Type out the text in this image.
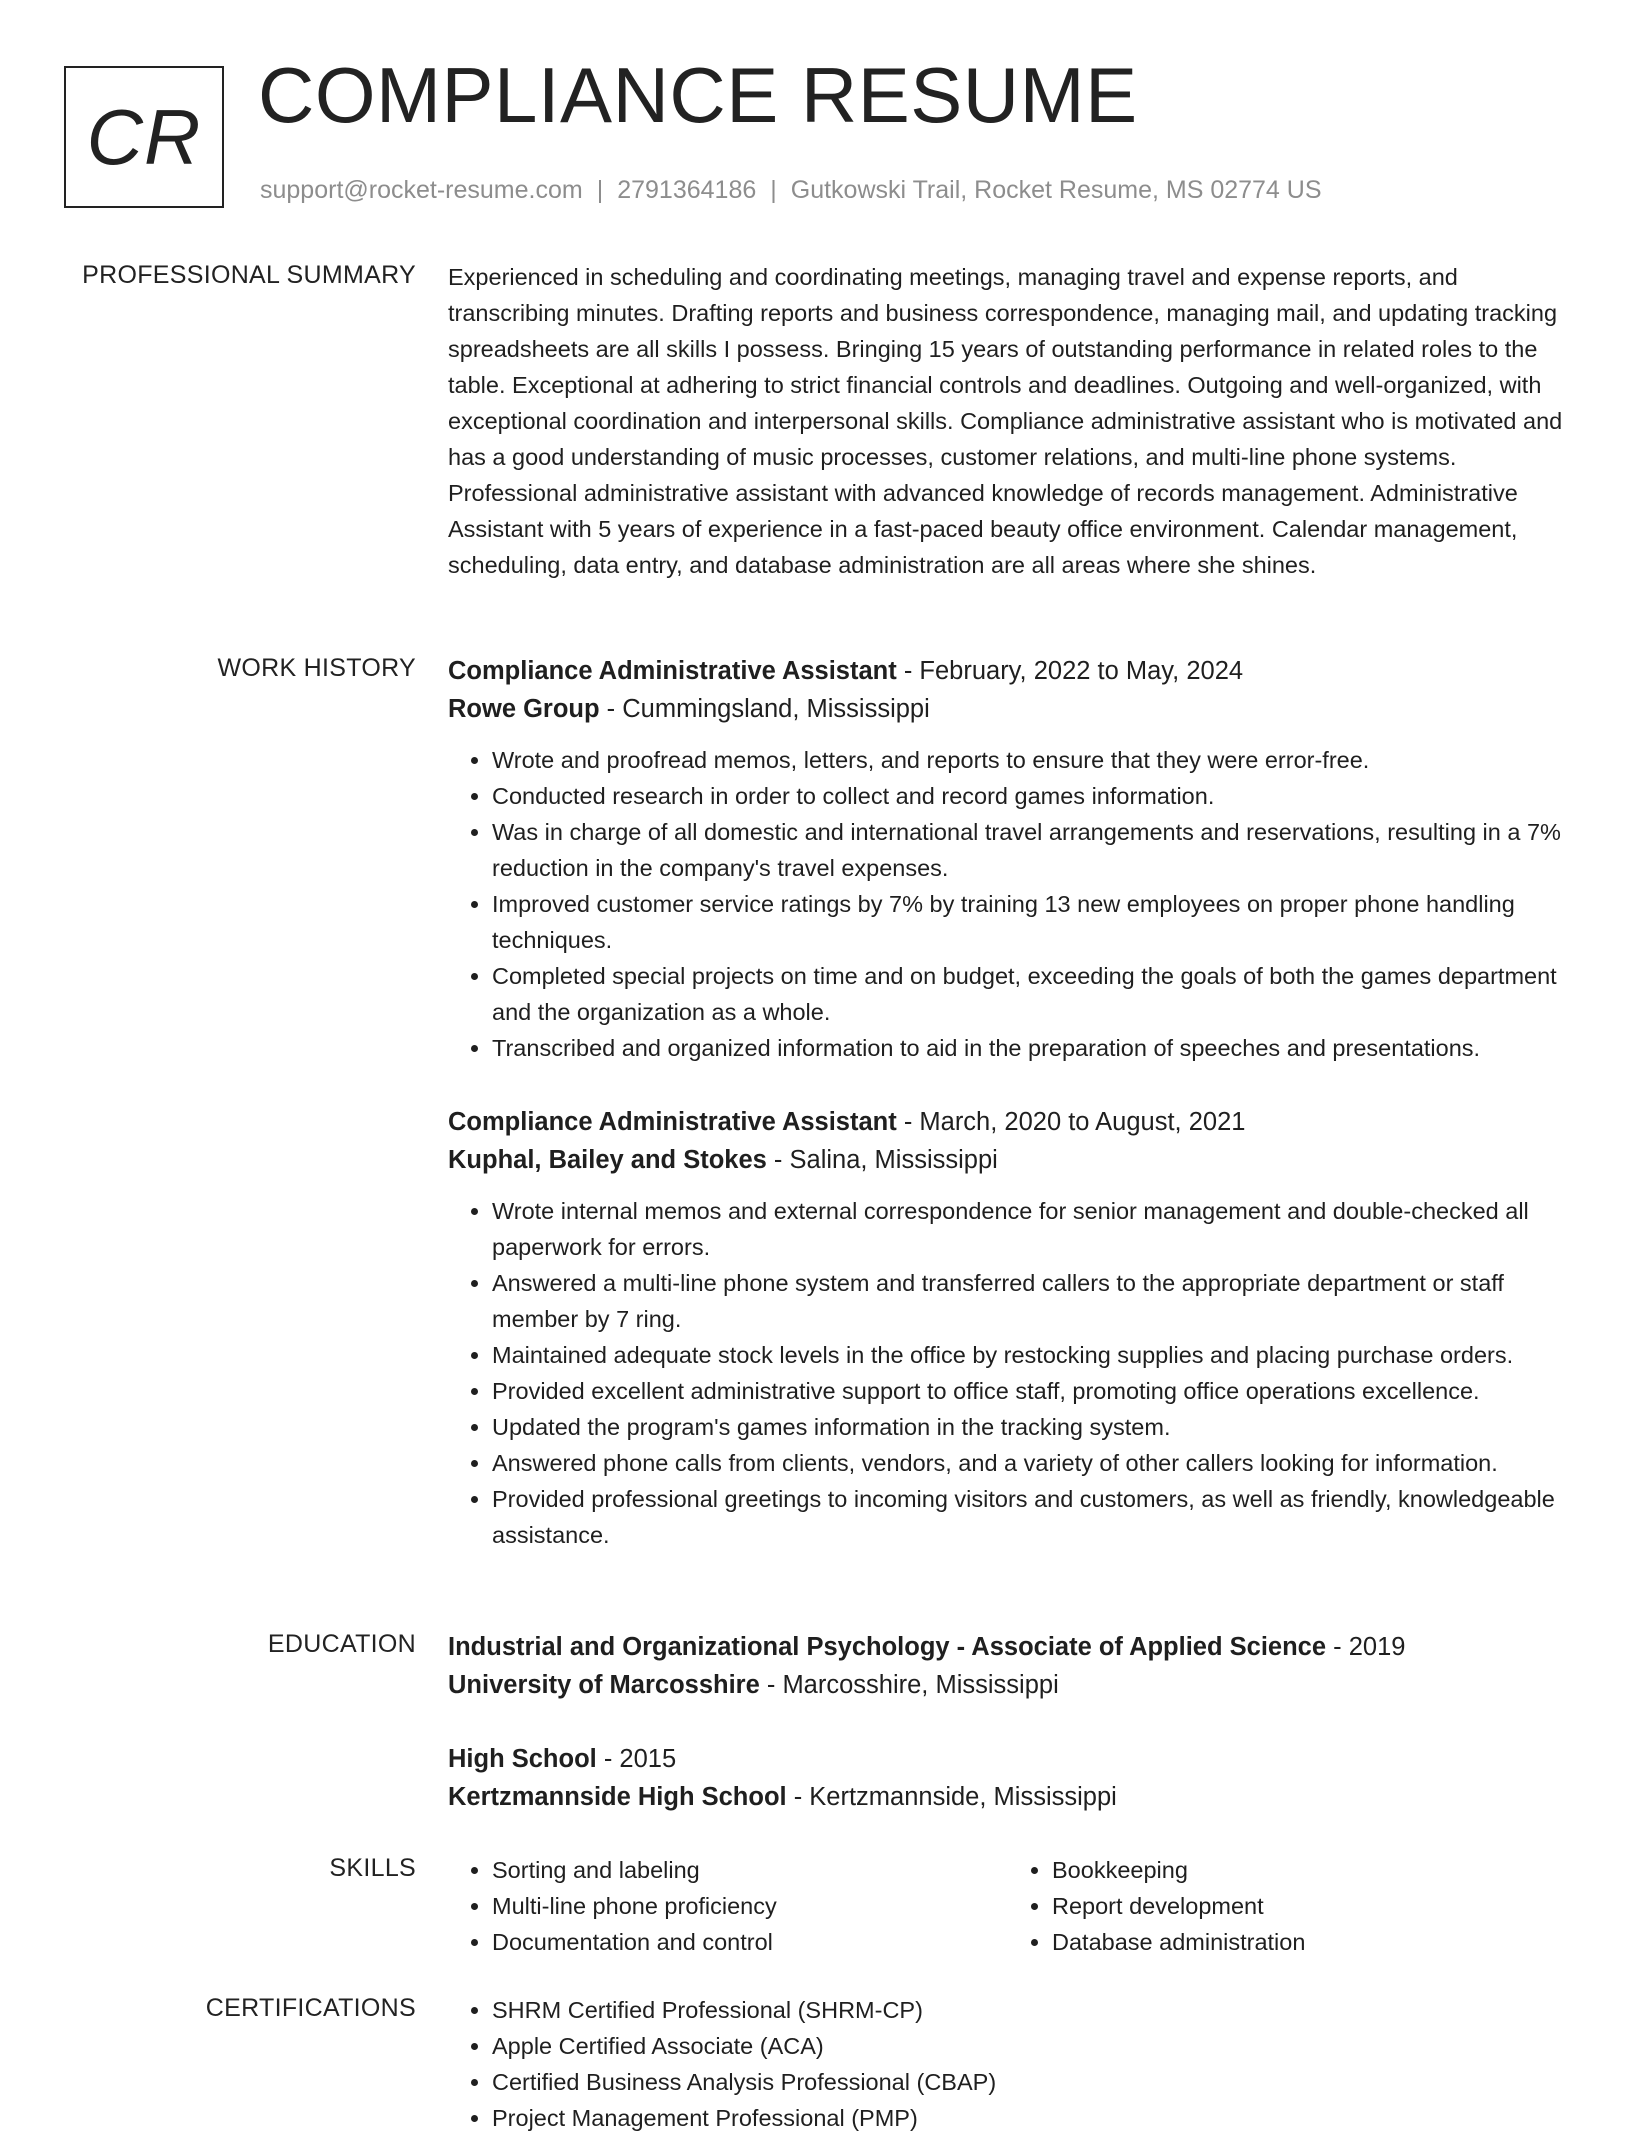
CR COMPLIANCE RESUME
support@rocket-resume.com | 2791364186 | Gutkowski Trail, Rocket Resume, MS 02774 US
PROFESSIONAL SUMMARY Experienced in scheduling and coordinating meetings, managing travel and expense reports, and transcribing minutes. Drafting reports and business correspondence, managing mail, and updating tracking spreadsheets are all skills I possess. Bringing 15 years of outstanding performance in related roles to the table. Exceptional at adhering to strict financial controls and deadlines. Outgoing and well-organized, with exceptional coordination and interpersonal skills. Compliance administrative assistant who is motivated and has a good understanding of music processes, customer relations, and multi-line phone systems. Professional administrative assistant with advanced knowledge of records management. Administrative Assistant with 5 years of experience in a fast-paced beauty office environment. Calendar management, scheduling, data entry, and database administration are all areas where she shines.

WORK HISTORY Compliance Administrative Assistant - February, 2022 to May, 2024
Rowe Group - Cummingsland, Mississippi
• Wrote and proofread memos, letters, and reports to ensure that they were error-free.
• Conducted research in order to collect and record games information.
• Was in charge of all domestic and international travel arrangements and reservations, resulting in a 7% reduction in the company's travel expenses.
• Improved customer service ratings by 7% by training 13 new employees on proper phone handling techniques.
• Completed special projects on time and on budget, exceeding the goals of both the games department and the organization as a whole.
• Transcribed and organized information to aid in the preparation of speeches and presentations.
Compliance Administrative Assistant - March, 2020 to August, 2021
Kuphal, Bailey and Stokes - Salina, Mississippi
• Wrote internal memos and external correspondence for senior management and double-checked all paperwork for errors.
• Answered a multi-line phone system and transferred callers to the appropriate department or staff member by 7 ring.
• Maintained adequate stock levels in the office by restocking supplies and placing purchase orders.
• Provided excellent administrative support to office staff, promoting office operations excellence.
• Updated the program's games information in the tracking system.
• Answered phone calls from clients, vendors, and a variety of other callers looking for information.
• Provided professional greetings to incoming visitors and customers, as well as friendly, knowledgeable assistance.
EDUCATION Industrial and Organizational Psychology - Associate of Applied Science - 2019
University of Marcosshire - Marcosshire, Mississippi
High School - 2015
Kertzmannside High School - Kertzmannside, Mississippi
SKILLS	• Sorting and labeling
• Multi-line phone proficiency
• Documentation and control
• Bookkeeping
• Report development
• Database administration
CERTIFICATIONS	• SHRM Certified Professional (SHRM-CP)
• Apple Certified Associate (ACA)
• Certified Business Analysis Professional (CBAP)
• Project Management Professional (PMP)
